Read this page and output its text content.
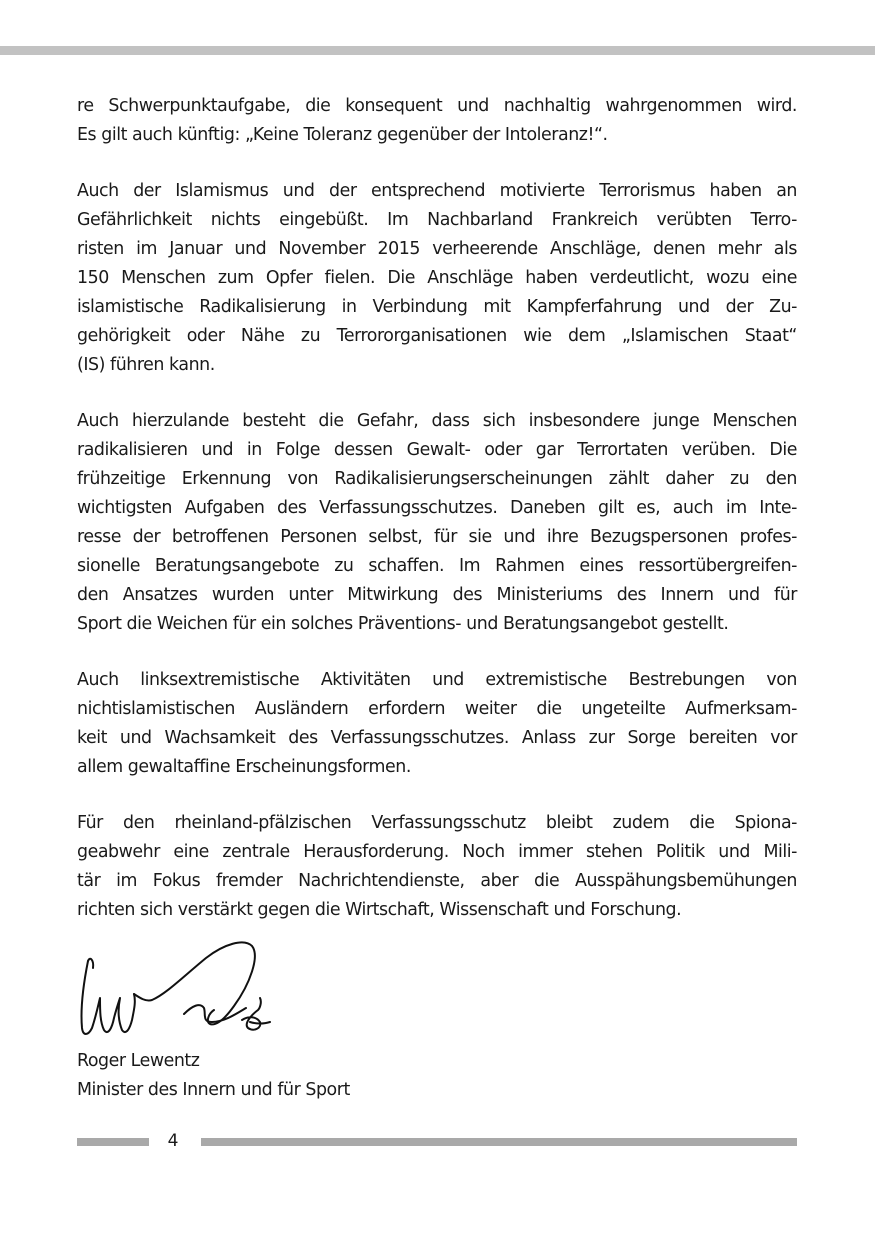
re Schwerpunktaufgabe, die konsequent und nachhaltig wahrgenommen wird.
Es gilt auch künftig: „Keine Toleranz gegenüber der Intoleranz!“.

Auch der Islamismus und der entsprechend motivierte Terrorismus haben an
Gefährlichkeit nichts eingebüßt. Im Nachbarland Frankreich verübten Terro-
risten im Januar und November 2015 verheerende Anschläge, denen mehr als
150 Menschen zum Opfer fielen. Die Anschläge haben verdeutlicht, wozu eine
islamistische Radikalisierung in Verbindung mit Kampferfahrung und der Zu-
gehörigkeit oder Nähe zu Terrororganisationen wie dem „Islamischen Staat“
(IS) führen kann.

Auch hierzulande besteht die Gefahr, dass sich insbesondere junge Menschen
radikalisieren und in Folge dessen Gewalt- oder gar Terrortaten verüben. Die
frühzeitige Erkennung von Radikalisierungserscheinungen zählt daher zu den
wichtigsten Aufgaben des Verfassungsschutzes. Daneben gilt es, auch im Inte-
resse der betroffenen Personen selbst, für sie und ihre Bezugspersonen profes-
sionelle Beratungsangebote zu schaffen. Im Rahmen eines ressortübergreifen-
den Ansatzes wurden unter Mitwirkung des Ministeriums des Innern und für
Sport die Weichen für ein solches Präventions- und Beratungsangebot gestellt.

Auch linksextremistische Aktivitäten und extremistische Bestrebungen von
nichtislamistischen Ausländern erfordern weiter die ungeteilte Aufmerksam-
keit und Wachsamkeit des Verfassungsschutzes. Anlass zur Sorge bereiten vor
allem gewaltaffine Erscheinungsformen.

Für den rheinland-pfälzischen Verfassungsschutz bleibt zudem die Spiona-
geabwehr eine zentrale Herausforderung. Noch immer stehen Politik und Mili-
tär im Fokus fremder Nachrichtendienste, aber die Ausspähungsbemühungen
richten sich verstärkt gegen die Wirtschaft, Wissenschaft und Forschung.

Roger Lewentz
Minister des Innern und für Sport
4
